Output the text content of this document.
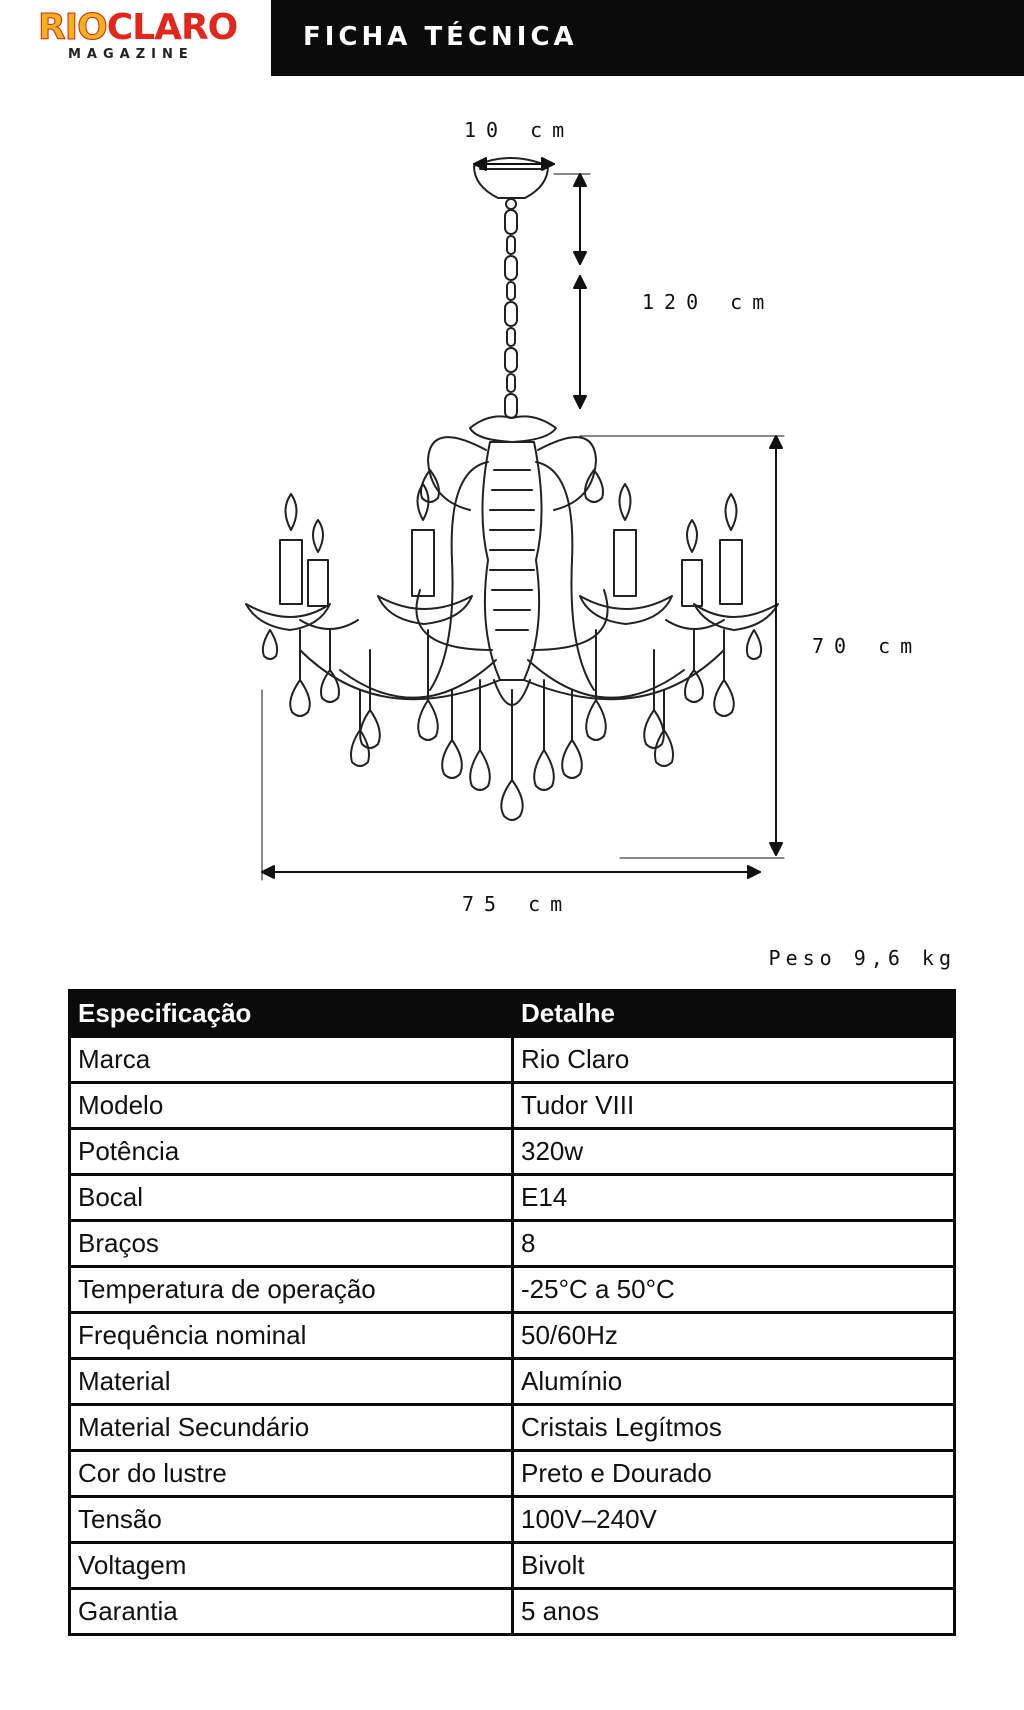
RIOCLARO
MAGAZINE
FICHA TÉCNICA
10 cm
120 cm
70 cm
75 cm
Peso 9,6 kg
Especificação	Detalhe
Marca	Rio Claro
Modelo	Tudor VIII
Potência	320w
Bocal	E14
Braços	8
Temperatura de operação	-25°C a 50°C
Frequência nominal	50/60Hz
Material	Alumínio
Material Secundário	Cristais Legítmos
Cor do lustre	Preto e Dourado
Tensão	100V–240V
Voltagem	Bivolt
Garantia	5 anos
